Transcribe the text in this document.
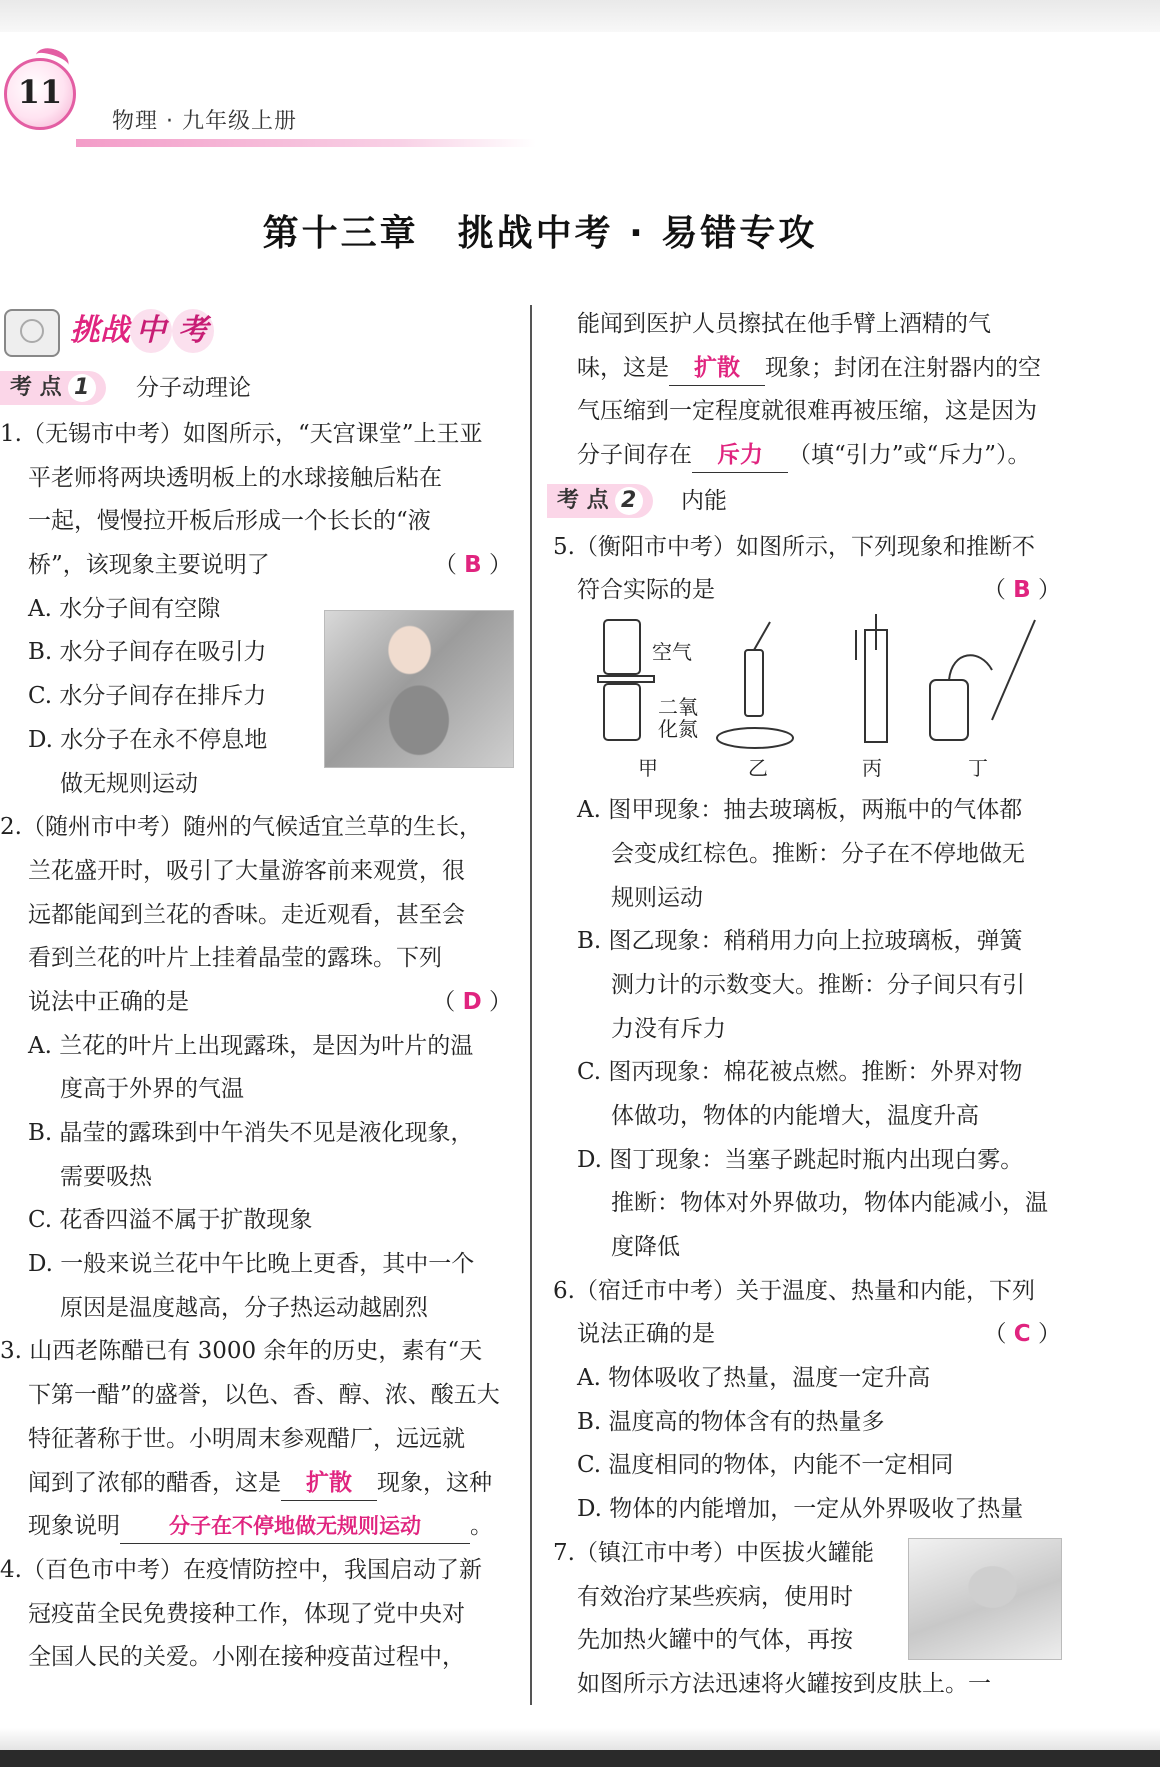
11
物理 · 九年级上册
第十三章　挑战中考 · 易错专攻
挑战 中 考
考 点 1	分子动理论
1.（无锡市中考）如图所示，“天宫课堂”上王亚
平老师将两块透明板上的水球接触后粘在
一起，慢慢拉开板后形成一个长长的“液
桥”，该现象主要说明了	（ B ）
A. 水分子间有空隙
B. 水分子间存在吸引力
C. 水分子间存在排斥力
D. 水分子在永不停息地
做无规则运动
2.（随州市中考）随州的气候适宜兰草的生长，
兰花盛开时，吸引了大量游客前来观赏，很
远都能闻到兰花的香味。走近观看，甚至会
看到兰花的叶片上挂着晶莹的露珠。下列
说法中正确的是	（ D ）
A. 兰花的叶片上出现露珠，是因为叶片的温
度高于外界的气温
B. 晶莹的露珠到中午消失不见是液化现象，
需要吸热
C. 花香四溢不属于扩散现象
D. 一般来说兰花中午比晚上更香，其中一个
原因是温度越高，分子热运动越剧烈
3. 山西老陈醋已有 3000 余年的历史，素有“天
下第一醋”的盛誉，以色、香、醇、浓、酸五大
特征著称于世。小明周末参观醋厂，远远就
闻到了浓郁的醋香，这是 扩散 现象，这种
现象说明 分子在不停地做无规则运动 。
4.（百色市中考）在疫情防控中，我国启动了新
冠疫苗全民免费接种工作，体现了党中央对
全国人民的关爱。小刚在接种疫苗过程中，
能闻到医护人员擦拭在他手臂上酒精的气
味，这是 扩散 现象；封闭在注射器内的空
气压缩到一定程度就很难再被压缩，这是因为
分子间存在 斥力 （填“引力”或“斥力”）。
考 点 2	内能
5.（衡阳市中考）如图所示，下列现象和推断不
符合实际的是	（ B ）
A. 图甲现象：抽去玻璃板，两瓶中的气体都
会变成红棕色。推断：分子在不停地做无
规则运动
B. 图乙现象：稍稍用力向上拉玻璃板，弹簧
测力计的示数变大。推断：分子间只有引
力没有斥力
C. 图丙现象：棉花被点燃。推断：外界对物
体做功，物体的内能增大，温度升高
D. 图丁现象：当塞子跳起时瓶内出现白雾。
推断：物体对外界做功，物体内能减小，温
度降低
6.（宿迁市中考）关于温度、热量和内能，下列
说法正确的是	（ C ）
A. 物体吸收了热量，温度一定升高
B. 温度高的物体含有的热量多
C. 温度相同的物体，内能不一定相同
D. 物体的内能增加，一定从外界吸收了热量
7.（镇江市中考）中医拔火罐能
有效治疗某些疾病，使用时
先加热火罐中的气体，再按
如图所示方法迅速将火罐按到皮肤上。一
空气
二氧
化氮
甲	乙	丙	丁
